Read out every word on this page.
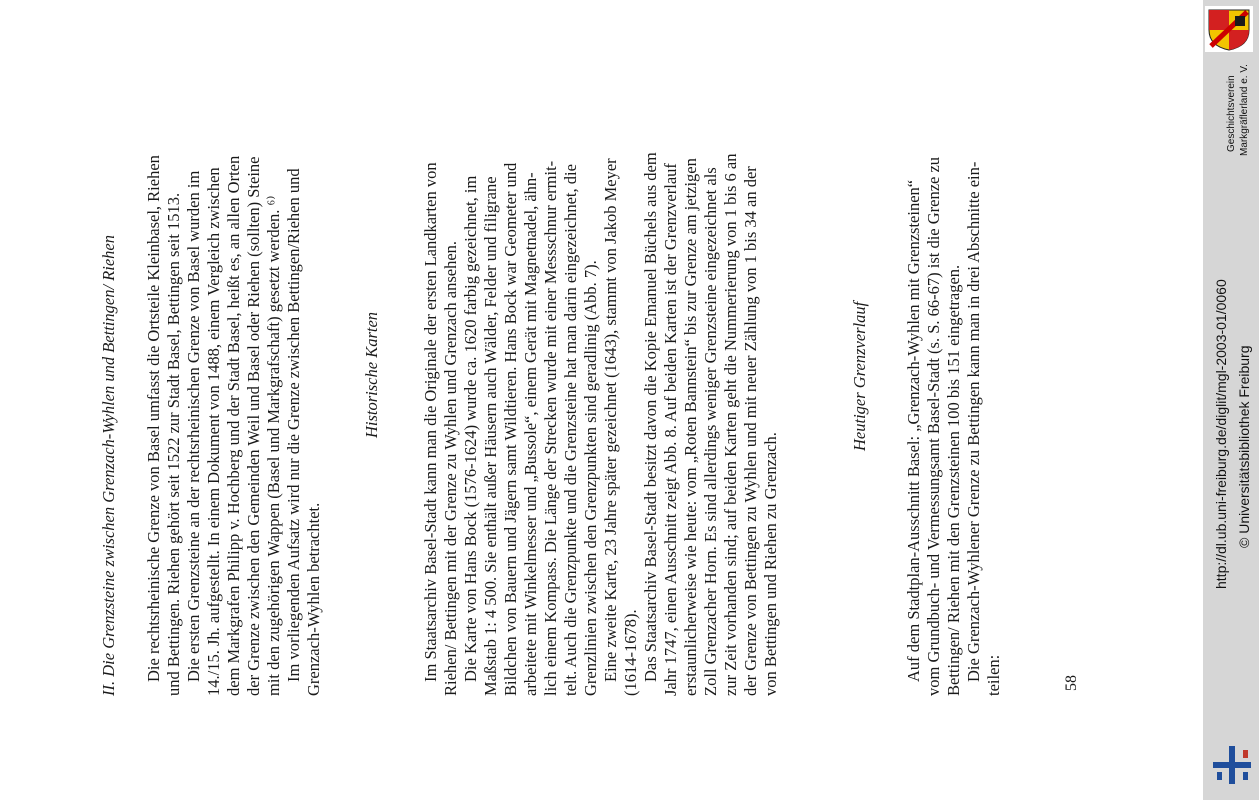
II. Die Grenzsteine zwischen Grenzach-Wyhlen und Bettingen/ Riehen Die rechtsrheinische Grenze von Basel umfasst die Ortsteile Kleinbasel, Riehen und Bettingen. Riehen gehört seit 1522 zur Stadt Basel, Bettingen seit 1513. Die ersten Grenzsteine an der rechtsrheinischen Grenze von Basel wurden im 14./15. Jh. aufgestellt. In einem Dokument von 1488, einem Vergleich zwischen dem Markgrafen Philipp v. Hochberg und der Stadt Basel, heißt es, an allen Orten der Grenze zwischen den Gemeinden Weil und Basel oder Riehen (sollten) Steine mit den zugehörigen Wappen (Basel und Markgrafschaft) gesetzt werden. ⁶⁾ Im vorliegenden Aufsatz wird nur die Grenze zwischen Bettingen/Riehen und Grenzach-Wyhlen betrachtet.
Historische Karten Im Staatsarchiv Basel-Stadt kann man die Originale der ersten Landkarten von Riehen/ Bettingen mit der Grenze zu Wyhlen und Grenzach ansehen. Die Karte von Hans Bock (1576-1624) wurde ca. 1620 farbig gezeichnet, im Maßstab 1: 4 500. Sie enthält außer Häusern auch Wälder, Felder und filigrane Bildchen von Bauern und Jägern samt Wildtieren. Hans Bock war Geometer und arbeitete mit Winkelmesser und „Bussole“, einem Gerät mit Magnetnadel, ähn- lich einem Kompass. Die Länge der Strecken wurde mit einer Messschnur ermit- telt. Auch die Grenzpunkte und die Grenzsteine hat man darin eingezeichnet, die Grenzlinien zwischen den Grenzpunkten sind geradlinig (Abb. 7). Eine zweite Karte, 23 Jahre später gezeichnet (1643), stammt von Jakob Meyer (1614-1678). Das Staatsarchiv Basel-Stadt besitzt davon die Kopie Emanuel Büchels aus dem Jahr 1747, einen Ausschnitt zeigt Abb. 8. Auf beiden Karten ist der Grenzverlauf erstaunlicherweise wie heute: vom „Roten Bannstein“ bis zur Grenze am jetzigen Zoll Grenzacher Horn. Es sind allerdings weniger Grenzsteine eingezeichnet als zur Zeit vorhanden sind; auf beiden Karten geht die Nummerierung von 1 bis 6 an der Grenze von Bettingen zu Wyhlen und mit neuer Zählung von 1 bis 34 an der von Bettingen und Riehen zu Grenzach.
Heutiger Grenzverlauf Auf dem Stadtplan-Ausschnitt Basel: „Grenzach-Wyhlen mit Grenzsteinen“ vom Grundbuch- und Vermessungsamt Basel-Stadt (s. S. 66-67) ist die Grenze zu Bettingen/ Riehen mit den Grenzsteinen 100 bis 151 eingetragen. Die Grenzach-Wyhlener Grenze zu Bettingen kann man in drei Abschnitte ein- teilen:	58
Geschichtsverein Markgräflerland e. V.
http://dl.ub.uni-freiburg.de/diglit/mgl-2003-01/0060 © Universitätsbibliothek Freiburg
